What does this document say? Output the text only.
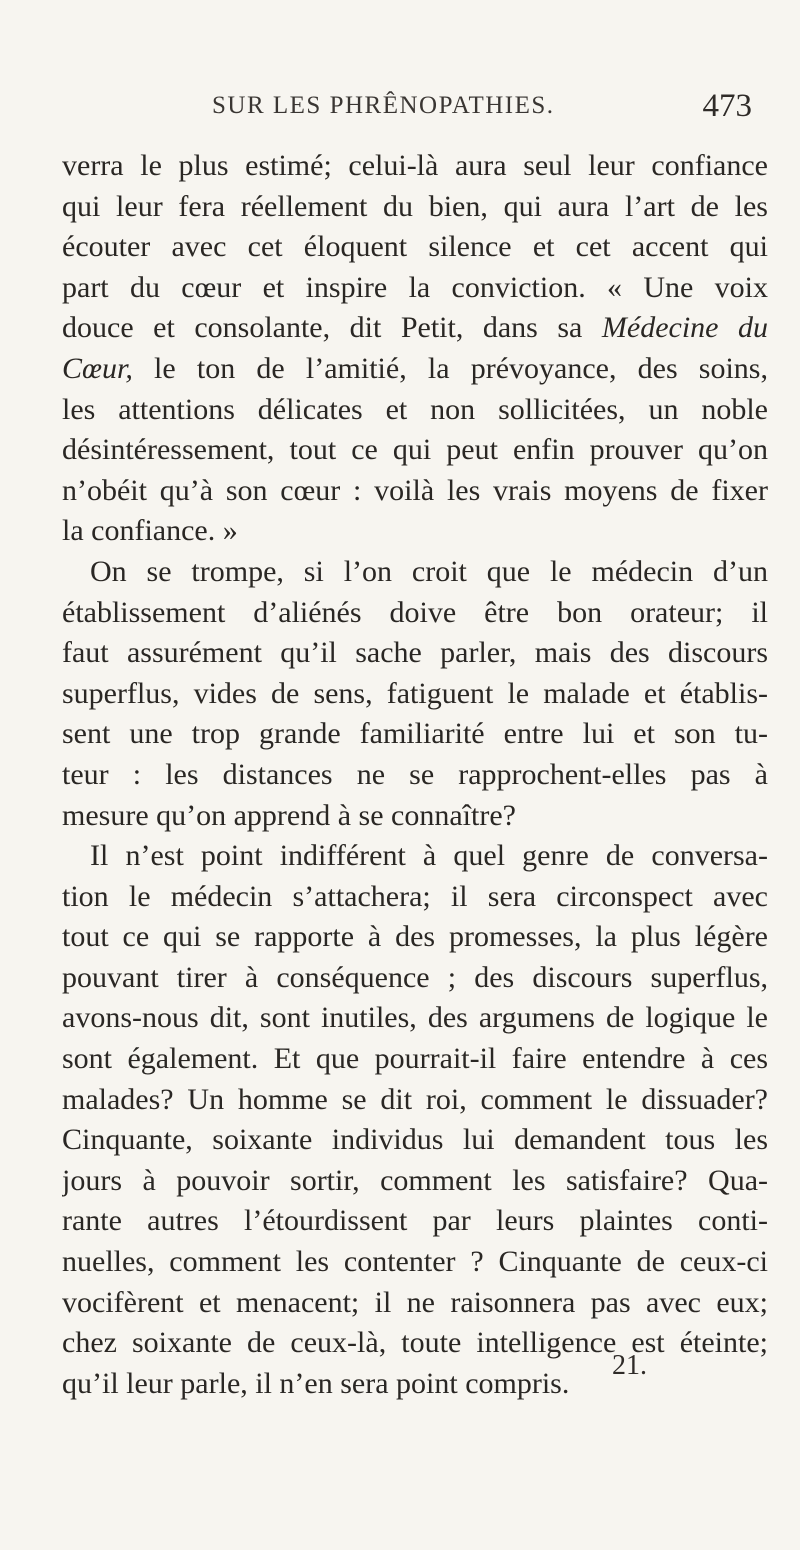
SUR LES PHRÊNOPATHIES.	473
verra le plus estimé; celui-là aura seul leur confiance
qui leur fera réellement du bien, qui aura l’art de les
écouter avec cet éloquent silence et cet accent qui
part du cœur et inspire la conviction. « Une voix
douce et consolante, dit Petit, dans sa Médecine du
Cœur, le ton de l’amitié, la prévoyance, des soins,
les attentions délicates et non sollicitées, un noble
désintéressement, tout ce qui peut enfin prouver qu’on
n’obéit qu’à son cœur : voilà les vrais moyens de fixer
la confiance. »
On se trompe, si l’on croit que le médecin d’un
établissement d’aliénés doive être bon orateur; il
faut assurément qu’il sache parler, mais des discours
superflus, vides de sens, fatiguent le malade et établis-
sent une trop grande familiarité entre lui et son tu-
teur : les distances ne se rapprochent-elles pas à
mesure qu’on apprend à se connaître?
Il n’est point indifférent à quel genre de conversa-
tion le médecin s’attachera; il sera circonspect avec
tout ce qui se rapporte à des promesses, la plus légère
pouvant tirer à conséquence ; des discours superflus,
avons-nous dit, sont inutiles, des argumens de logique le
sont également. Et que pourrait-il faire entendre à ces
malades? Un homme se dit roi, comment le dissuader?
Cinquante, soixante individus lui demandent tous les
jours à pouvoir sortir, comment les satisfaire? Qua-
rante autres l’étourdissent par leurs plaintes conti-
nuelles, comment les contenter ? Cinquante de ceux-ci
vocifèrent et menacent; il ne raisonnera pas avec eux;
chez soixante de ceux-là, toute intelligence est éteinte;
qu’il leur parle, il n’en sera point compris.
21.
